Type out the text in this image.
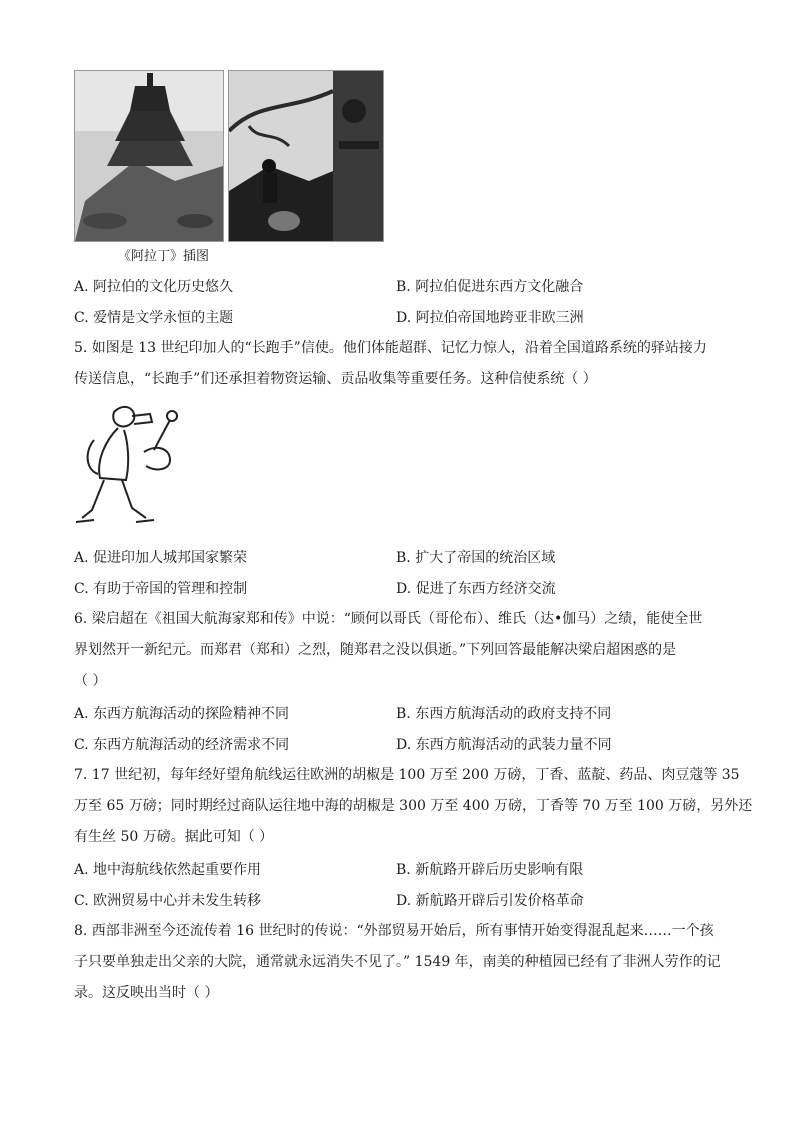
《阿拉丁》插图
A. 阿拉伯的文化历史悠久	B. 阿拉伯促进东西方文化融合
C. 爱情是文学永恒的主题	D. 阿拉伯帝国地跨亚非欧三洲
5. 如图是 13 世纪印加人的“长跑手”信使。他们体能超群、记忆力惊人，沿着全国道路系统的驿站接力
传送信息，“长跑手”们还承担着物资运输、贡品收集等重要任务。这种信使系统（ ）
A. 促进印加人城邦国家繁荣	B. 扩大了帝国的统治区域
C. 有助于帝国的管理和控制	D. 促进了东西方经济交流
6. 梁启超在《祖国大航海家郑和传》中说：“顾何以哥氏（哥伦布）、维氏（达•伽马）之绩，能使全世
界划然开一新纪元。而郑君（郑和）之烈，随郑君之没以俱逝。”下列回答最能解决梁启超困惑的是
（ ）
A. 东西方航海活动的探险精神不同	B. 东西方航海活动的政府支持不同
C. 东西方航海活动的经济需求不同	D. 东西方航海活动的武装力量不同
7. 17 世纪初，每年经好望角航线运往欧洲的胡椒是 100 万至 200 万磅，丁香、蓝靛、药品、肉豆蔻等 35
万至 65 万磅；同时期经过商队运往地中海的胡椒是 300 万至 400 万磅，丁香等 70 万至 100 万磅，另外还
有生丝 50 万磅。据此可知（ ）
A. 地中海航线依然起重要作用	B. 新航路开辟后历史影响有限
C. 欧洲贸易中心并未发生转移	D. 新航路开辟后引发价格革命
8. 西部非洲至今还流传着 16 世纪时的传说：“外部贸易开始后，所有事情开始变得混乱起来……一个孩
子只要单独走出父亲的大院，通常就永远消失不见了。” 1549 年，南美的种植园已经有了非洲人劳作的记
录。这反映出当时（ ）
